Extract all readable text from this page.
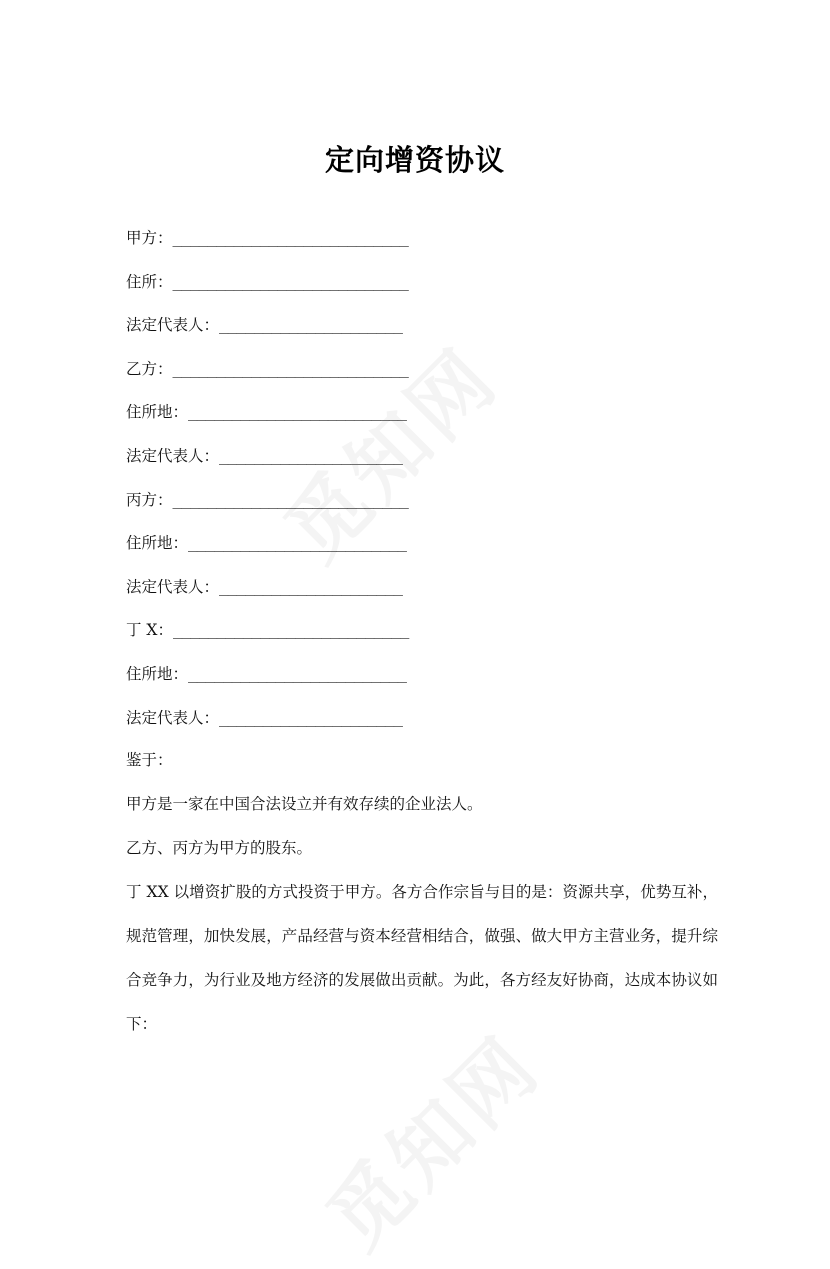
定向增资协议
甲方：___________________________
住所：___________________________
法定代表人：_____________________
乙方：___________________________
住所地：_________________________
法定代表人：_____________________
丙方：___________________________
住所地：_________________________
法定代表人：_____________________
丁 X：___________________________
住所地：_________________________
法定代表人：_____________________
鉴于：
甲方是一家在中国合法设立并有效存续的企业法人。
乙方、丙方为甲方的股东。
丁 XX 以增资扩股的方式投资于甲方。各方合作宗旨与目的是：资源共享，优势互补，规范管理，加快发展，产品经营与资本经营相结合，做强、做大甲方主营业务，提升综合竞争力，为行业及地方经济的发展做出贡献。为此，各方经友好协商，达成本协议如下：
